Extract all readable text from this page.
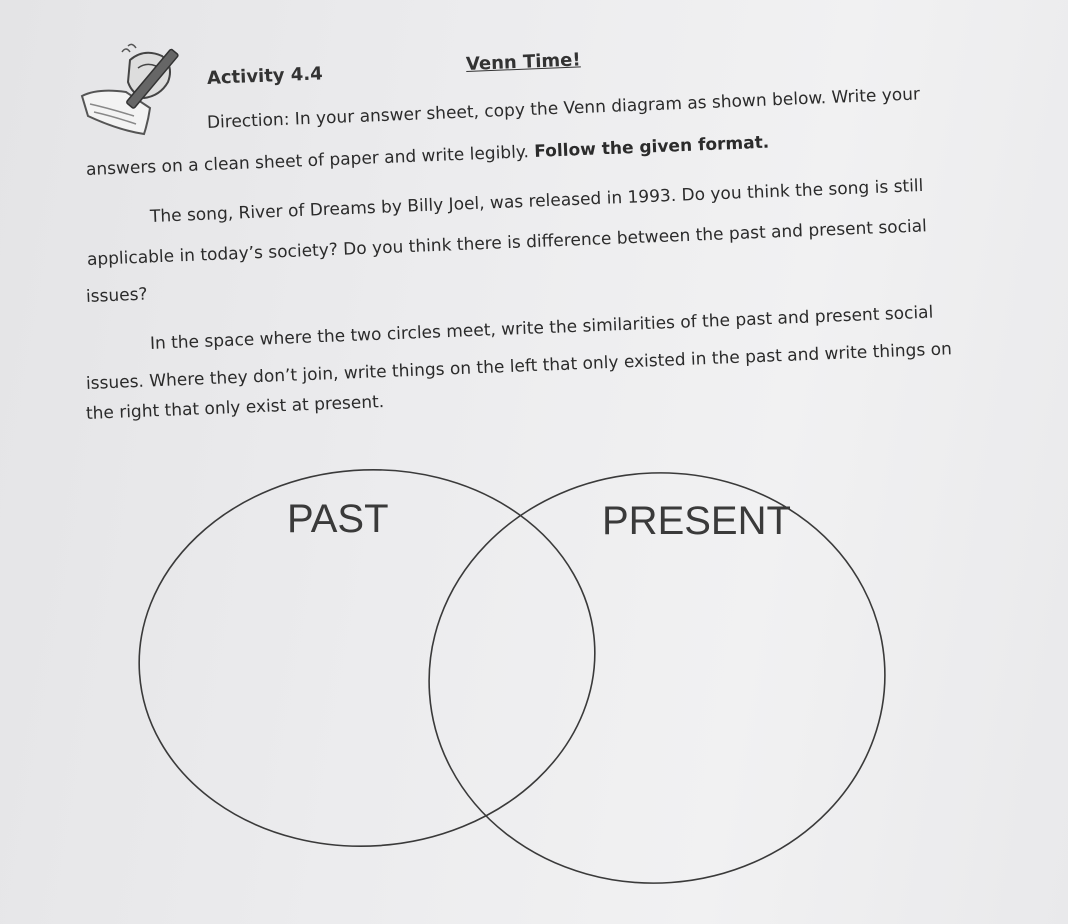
Activity 4.4
Venn Time!
Direction: In your answer sheet, copy the Venn diagram as shown below. Write your
answers on a clean sheet of paper and write legibly. Follow the given format.
The song, River of Dreams by Billy Joel, was released in 1993. Do you think the song is still
applicable in today’s society? Do you think there is difference between the past and present social
issues?
In the space where the two circles meet, write the similarities of the past and present social
issues. Where they don’t join, write things on the left that only existed in the past and write things on
the right that only exist at present.
PAST	PRESENT
